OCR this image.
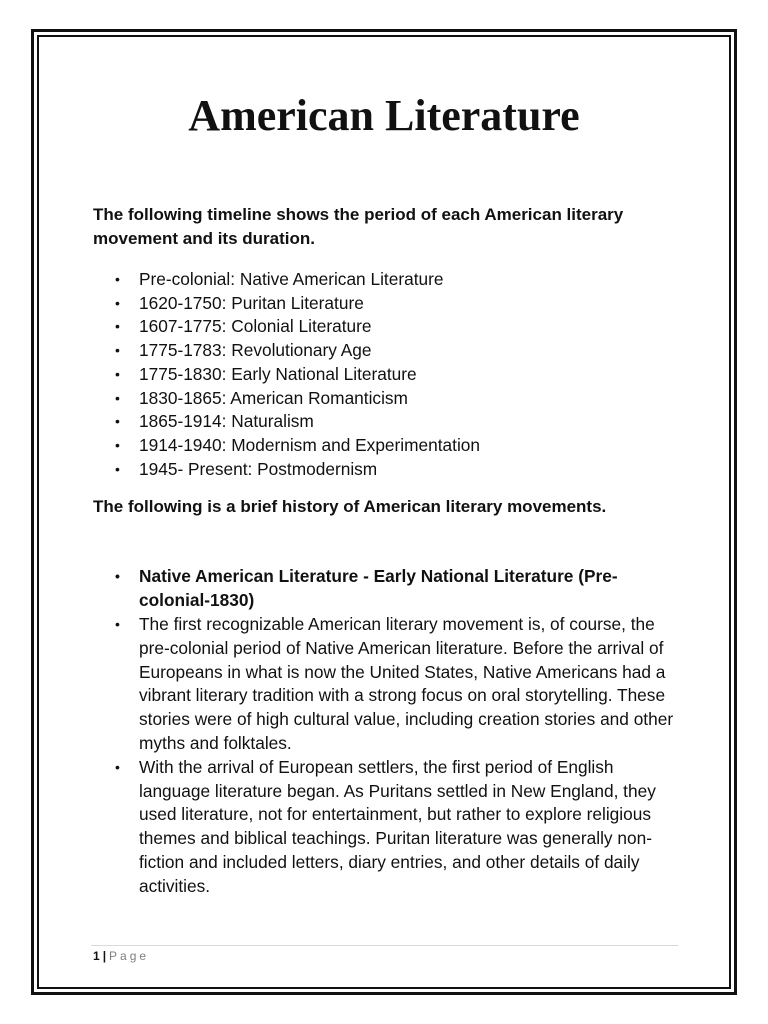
American Literature

The following timeline shows the period of each American literary movement and its duration.

• Pre-colonial: Native American Literature
• 1620-1750: Puritan Literature
• 1607-1775: Colonial Literature
• 1775-1783: Revolutionary Age
• 1775-1830: Early National Literature
• 1830-1865: American Romanticism
• 1865-1914: Naturalism
• 1914-1940: Modernism and Experimentation
• 1945- Present: Postmodernism

The following is a brief history of American literary movements.

• Native American Literature - Early National Literature (Pre-colonial-1830)
• The first recognizable American literary movement is, of course, the pre-colonial period of Native American literature. Before the arrival of Europeans in what is now the United States, Native Americans had a vibrant literary tradition with a strong focus on oral storytelling. These stories were of high cultural value, including creation stories and other myths and folktales.
• With the arrival of European settlers, the first period of English language literature began. As Puritans settled in New England, they used literature, not for entertainment, but rather to explore religious themes and biblical teachings. Puritan literature was generally non-fiction and included letters, diary entries, and other details of daily activities.
1 | Page
